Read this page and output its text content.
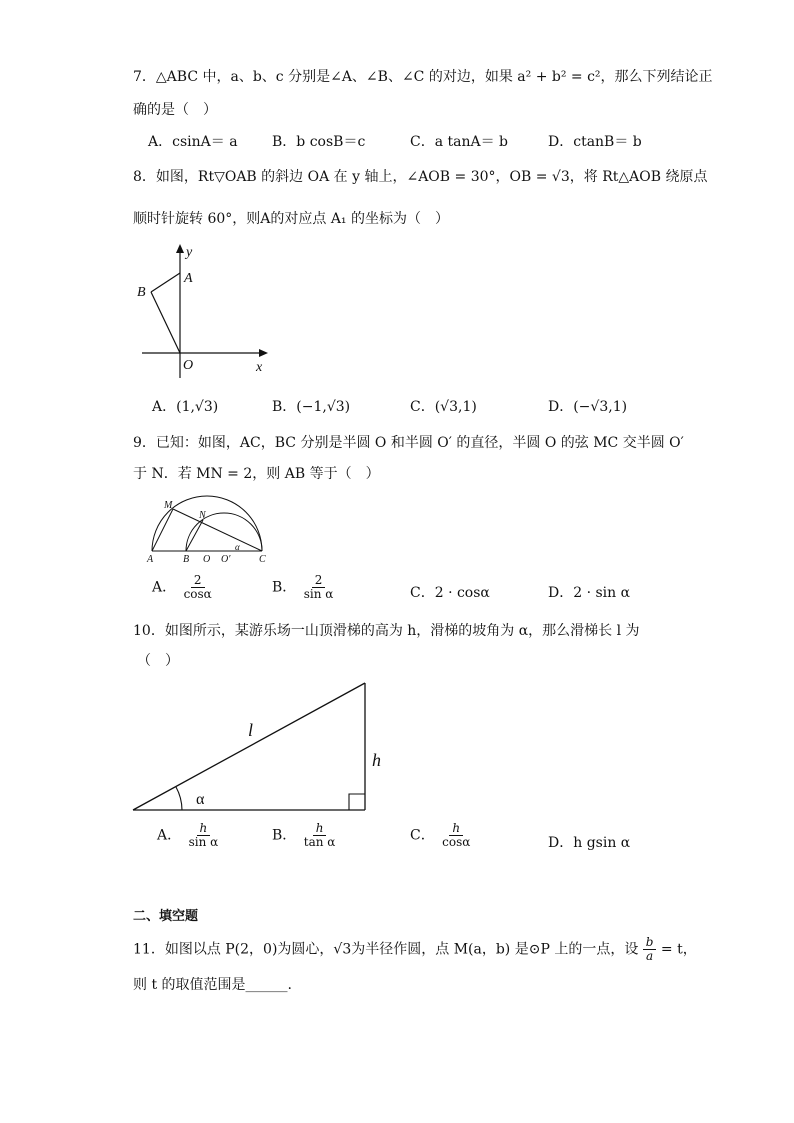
7．△ABC 中，a、b、c 分别是∠A、∠B、∠C 的对边，如果 a² + b² = c²，那么下列结论正
确的是（　）
A．csinA＝ a B．b cosB＝c	C．a tanA＝ b	D．ctanB＝ b
8．如图，Rt▽OAB 的斜边 OA 在 y 轴上，∠AOB = 30°，OB = √3，将 Rt△AOB 绕原点
顺时针旋转 60°，则A的对应点 A₁ 的坐标为（　）
y
A
B
O	x
A．(1,√3)	B．(−1,√3)	C．(√3,1)	D．(−√3,1)
9．已知：如图，AC，BC 分别是半圆 O 和半圆 O′ 的直径，半圆 O 的弦 MC 交半圆 O′
于 N．若 MN = 2，则 AB 等于（　）
M
N
A	B O O′	C
α
A． $\frac{2}{\cos\alpha}$	B． $\frac{2}{\text{sin α}}$	C．2 · cosα	D．2 · sin α
10．如图所示，某游乐场一山顶滑梯的高为 h，滑梯的坡角为 α，那么滑梯长 l 为
（　）
l
h
α
A． $\frac{h}{\text{sin α}}$	B． $\frac{h}{\text{tan α}}$	C． $\frac{h}{\cos\alpha}$	D．h gsin α
二、填空题
11．如图以点 P(2，0)为圆心，√3为半径作圆，点 M(a，b) 是⊙P 上的一点，设 $\frac{b}{a} = t$，
则 t 的取值范围是______.
